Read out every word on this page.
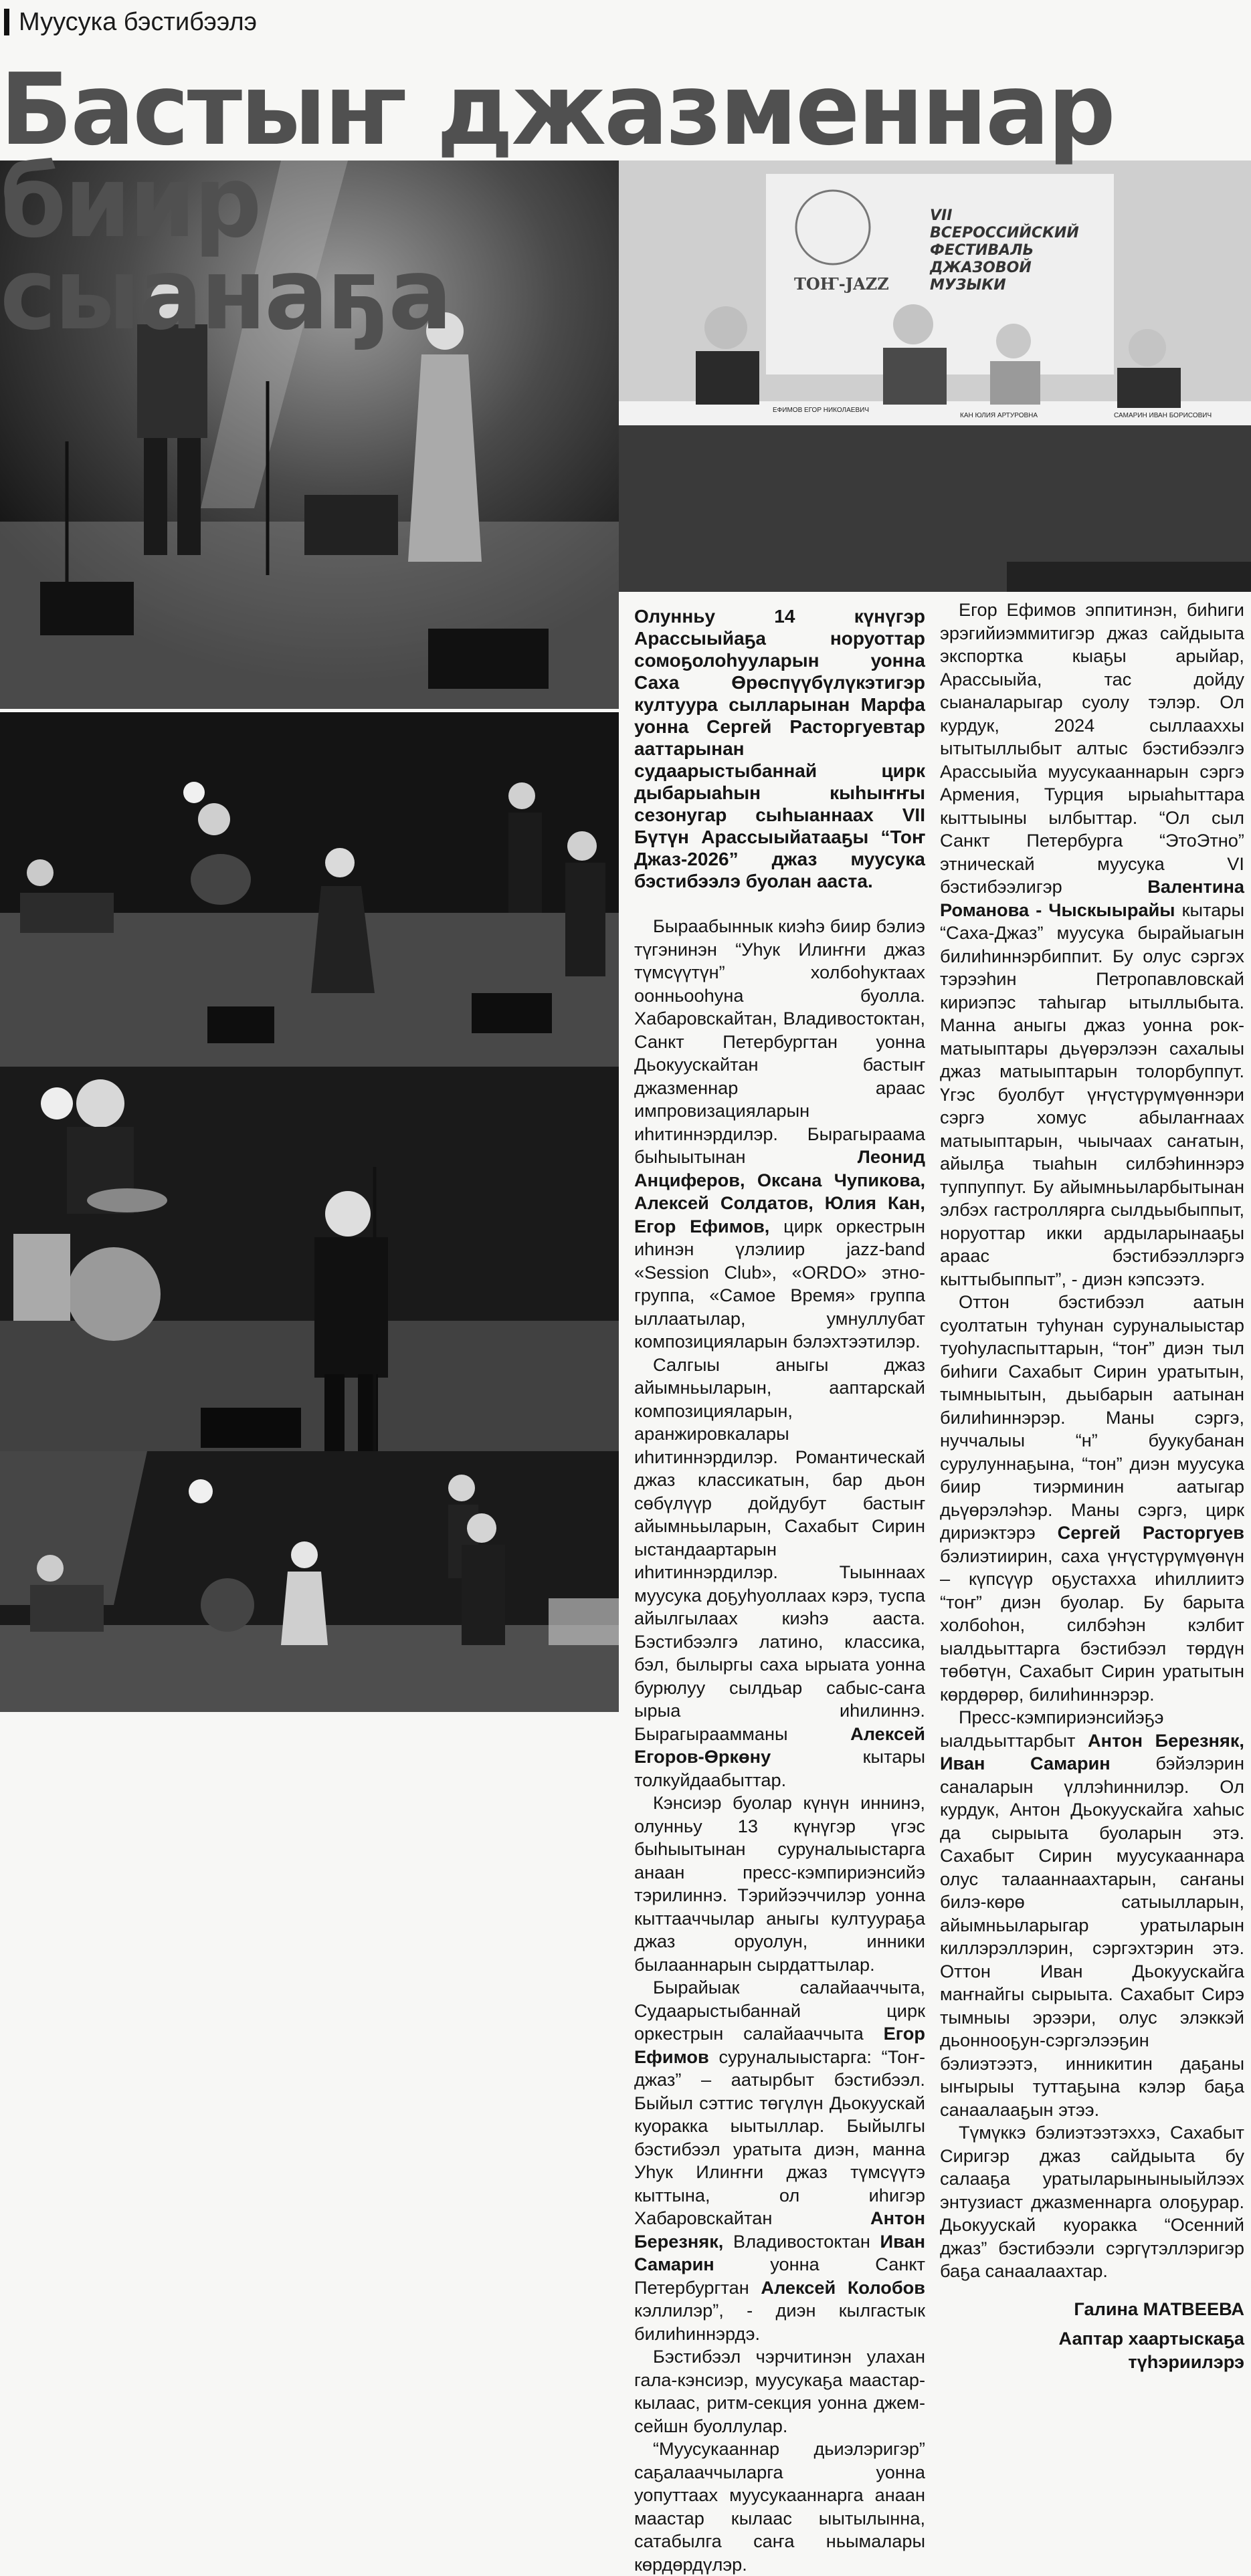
Муусука бэстибээлэ
Бастыҥ джазменнар биир
сыанаҕа
VII
ВСЕРОССИЙСКИЙ
ФЕСТИВАЛЬ
ДЖАЗОВОЙ
МУЗЫКИ
ТОҤ-JAZZ
ЕФИМОВ ЕГОР НИКОЛАЕВИЧ
КАН ЮЛИЯ АРТУРОВНА	САМАРИН ИВАН БОРИСОВИЧ

Олунньу 14 күнүгэр Арассыыйаҕа норуоттар сомоҕолоһууларын уонна Саха Өрөспүүбүлүкэтигэр култуура сылларынан Марфа уонна Сергей Расторгуевтар ааттарынан судаарыстыбаннай цирк дыбарыаһын кыһыҥҥы сезонугар сыһыаннаах VII Бүтүн Арассыыйатааҕы “Тоҥ Джаз-2026” джаз муусука бэстибээлэ буолан ааста.

Быраабыннык киэһэ биир бэлиэ түгэнинэн “Уһук Илиҥҥи джаз түмсүүтүн” холбоһуктаах оонньооһуна буолла. Хабаровскайтан, Владивостоктан, Санкт Петербургтан уонна Дьокуускайтан бастыҥ джазменнар араас импровизацияларын иһитиннэрдилэр. Бырагыраама быһыытынан Леонид Анциферов, Оксана Чупикова, Алексей Солдатов, Юлия Кан, Егор Ефимов, цирк оркестрын иһинэн үлэлиир jazz-band «Session Club», «ORDO» этно-группа, «Самое Время» группа ыллаатылар, умнуллубат композицияларын бэлэхтээтилэр.

Салгыы аныгы джаз айымньыларын, ааптарскай композицияларын, аранжировкалары иһитиннэрдилэр. Романтическай джаз классикатын, бар дьон сөбүлүүр дойдубут бастыҥ айымньыларын, Сахабыт Сирин ыстандаартарын иһитиннэрдилэр. Тыыннаах муусука доҕуһуоллаах кэрэ, туспа айылгылаах киэһэ ааста. Бэстибээлгэ латино, классика, бэл, былыргы саха ырыата уонна бурюлуу сылдьар сабыс-саҥа ырыа иһилиннэ. Бырагыраамманы Алексей Егоров-Өркөну кытары толкуйдаабыттар.

Кэнсиэр буолар күнүн иннинэ, олунньу 13 күнүгэр үгэс быһыытынан суруналыыстарга анаан пресс-кэмпириэнсийэ тэрилиннэ. Тэрийээччилэр уонна кыттааччылар аныгы култуураҕа джаз оруолун, инники былааннарын сырдаттылар.

Бырайыак салайааччыта, Судаарыстыбаннай цирк оркестрын салайааччыта Егор Ефимов суруналыыстарга: “Тоҥ-джаз” – аатырбыт бэстибээл. Быйыл сэттис төгүлүн Дьокуускай куоракка ыытыллар. Быйылгы бэстибээл уратыта диэн, манна Уһук Илиҥҥи джаз түмсүүтэ кыттына, ол иһигэр Хабаровскайтан Антон Березняк, Владивостоктан Иван Самарин уонна Санкт Петербургтан Алексей Колобов кэллилэр”, - диэн кылгастык билиһиннэрдэ.

Бэстибээл чэрчитинэн улахан гала-кэнсиэр, муусукаҕа маастар-кылаас, ритм-секция уонна джем-сейшн буоллулар.

“Муусукааннар дьиэлэригэр” саҕалааччыларга уонна уопуттаах муусукааннарга анаан маастар кылаас ыытылынна, сатабылга саҥа ньымалары көрдөрдүлэр.

Егор Ефимов эппитинэн, биһиги эрэгийиэммитигэр джаз сайдыыта экспортка кыаҕы арыйар, Арассыыйа, тас дойду сыаналарыгар суолу тэлэр. Ол курдук, 2024 сыллааххы ытытыллыбыт алтыс бэстибээлгэ Арассыыйа муусукааннарын сэргэ Армения, Турция ырыаһыттара кыттыыны ылбыттар. “Ол сыл Санкт Петербурга “ЭтоЭтно” этническай муусука VI бэстибээлигэр Валентина Романова - Чыскыырайы кытары “Саха-Джаз” муусука бырайыагын билиһиннэрбиппит. Бу олус сэргэх тэрээһин Петропавловскай кириэпэс таһыгар ытыллыбыта. Манна аныгы джаз уонна рок-матыыптары дьүөрэлээн сахалыы джаз матыыптарын толорбуппут. Үгэс буолбут үҥүстүрүмүөннэри сэргэ хомус абылаҥнаах матыыптарын, чыычаах саҥатын, айылҕа тыаһын силбэһиннэрэ туппуппут. Бу айымньыларбытынан элбэх гастроллярга сылдьыбыппыт, норуоттар икки ардыларынааҕы араас бэстибээллэргэ кыттыбыппыт”, - диэн кэпсээтэ.

Оттон бэстибээл аатын суолтатын туһунан суруналыыстар туоһуласпыттарын, “тоҥ” диэн тыл биһиги Сахабыт Сирин уратытын, тымныытын, дьыбарын аатынан билиһиннэрэр. Маны сэргэ, нуччалыы “н” буукубанан сурулуннаҕына, “тон” диэн муусука биир тиэрминин аатыгар дьүөрэлэһэр. Маны сэргэ, цирк дириэктэрэ Сергей Расторгуев бэлиэтиирин, саха үҥүстүрүмүөнүн – күпсүүр оҕустахха иһиллиитэ “тоҥ” диэн буолар. Бу барыта холбоһон, силбэһэн кэлбит ыалдьыттарга бэстибээл төрдүн төбөтүн, Сахабыт Сирин уратытын көрдөрөр, билиһиннэрэр.

Пресс-кэмпириэнсийэҕэ ыалдьыттарбыт Антон Березняк, Иван Самарин бэйэлэрин саналарын үллэһиннилэр. Ол курдук, Антон Дьокуускайга хаһыс да сырыыта буоларын этэ. Сахабыт Сирин муусукааннара олус талааннаахтарын, саҥаны билэ-көрө сатыылларын, айымньыларыгар уратыларын киллэрэллэрин, сэргэхтэрин этэ. Оттон Иван Дьокуускайга маҥнайгы сырыыта. Сахабыт Сирэ тымныы эрээри, олус элэккэй дьоннооҕун-сэргэлээҕин бэлиэтээтэ, инникитин даҕаны ыҥырыы туттаҕына кэлэр баҕа санаалааҕын этээ.

Түмүккэ бэлиэтээтэххэ, Сахабыт Сиригэр джаз сайдыыта бу салааҕа уратыларыныныыйлээх энтузиаст джазменнарга олоҕурар. Дьокуускай куоракка “Осенний джаз” бэстибээли сэргүтэллэригэр баҕа санаалаахтар.

Галина МАТВЕЕВА

Ааптар хаартыскаҕа түһэриилэрэ
